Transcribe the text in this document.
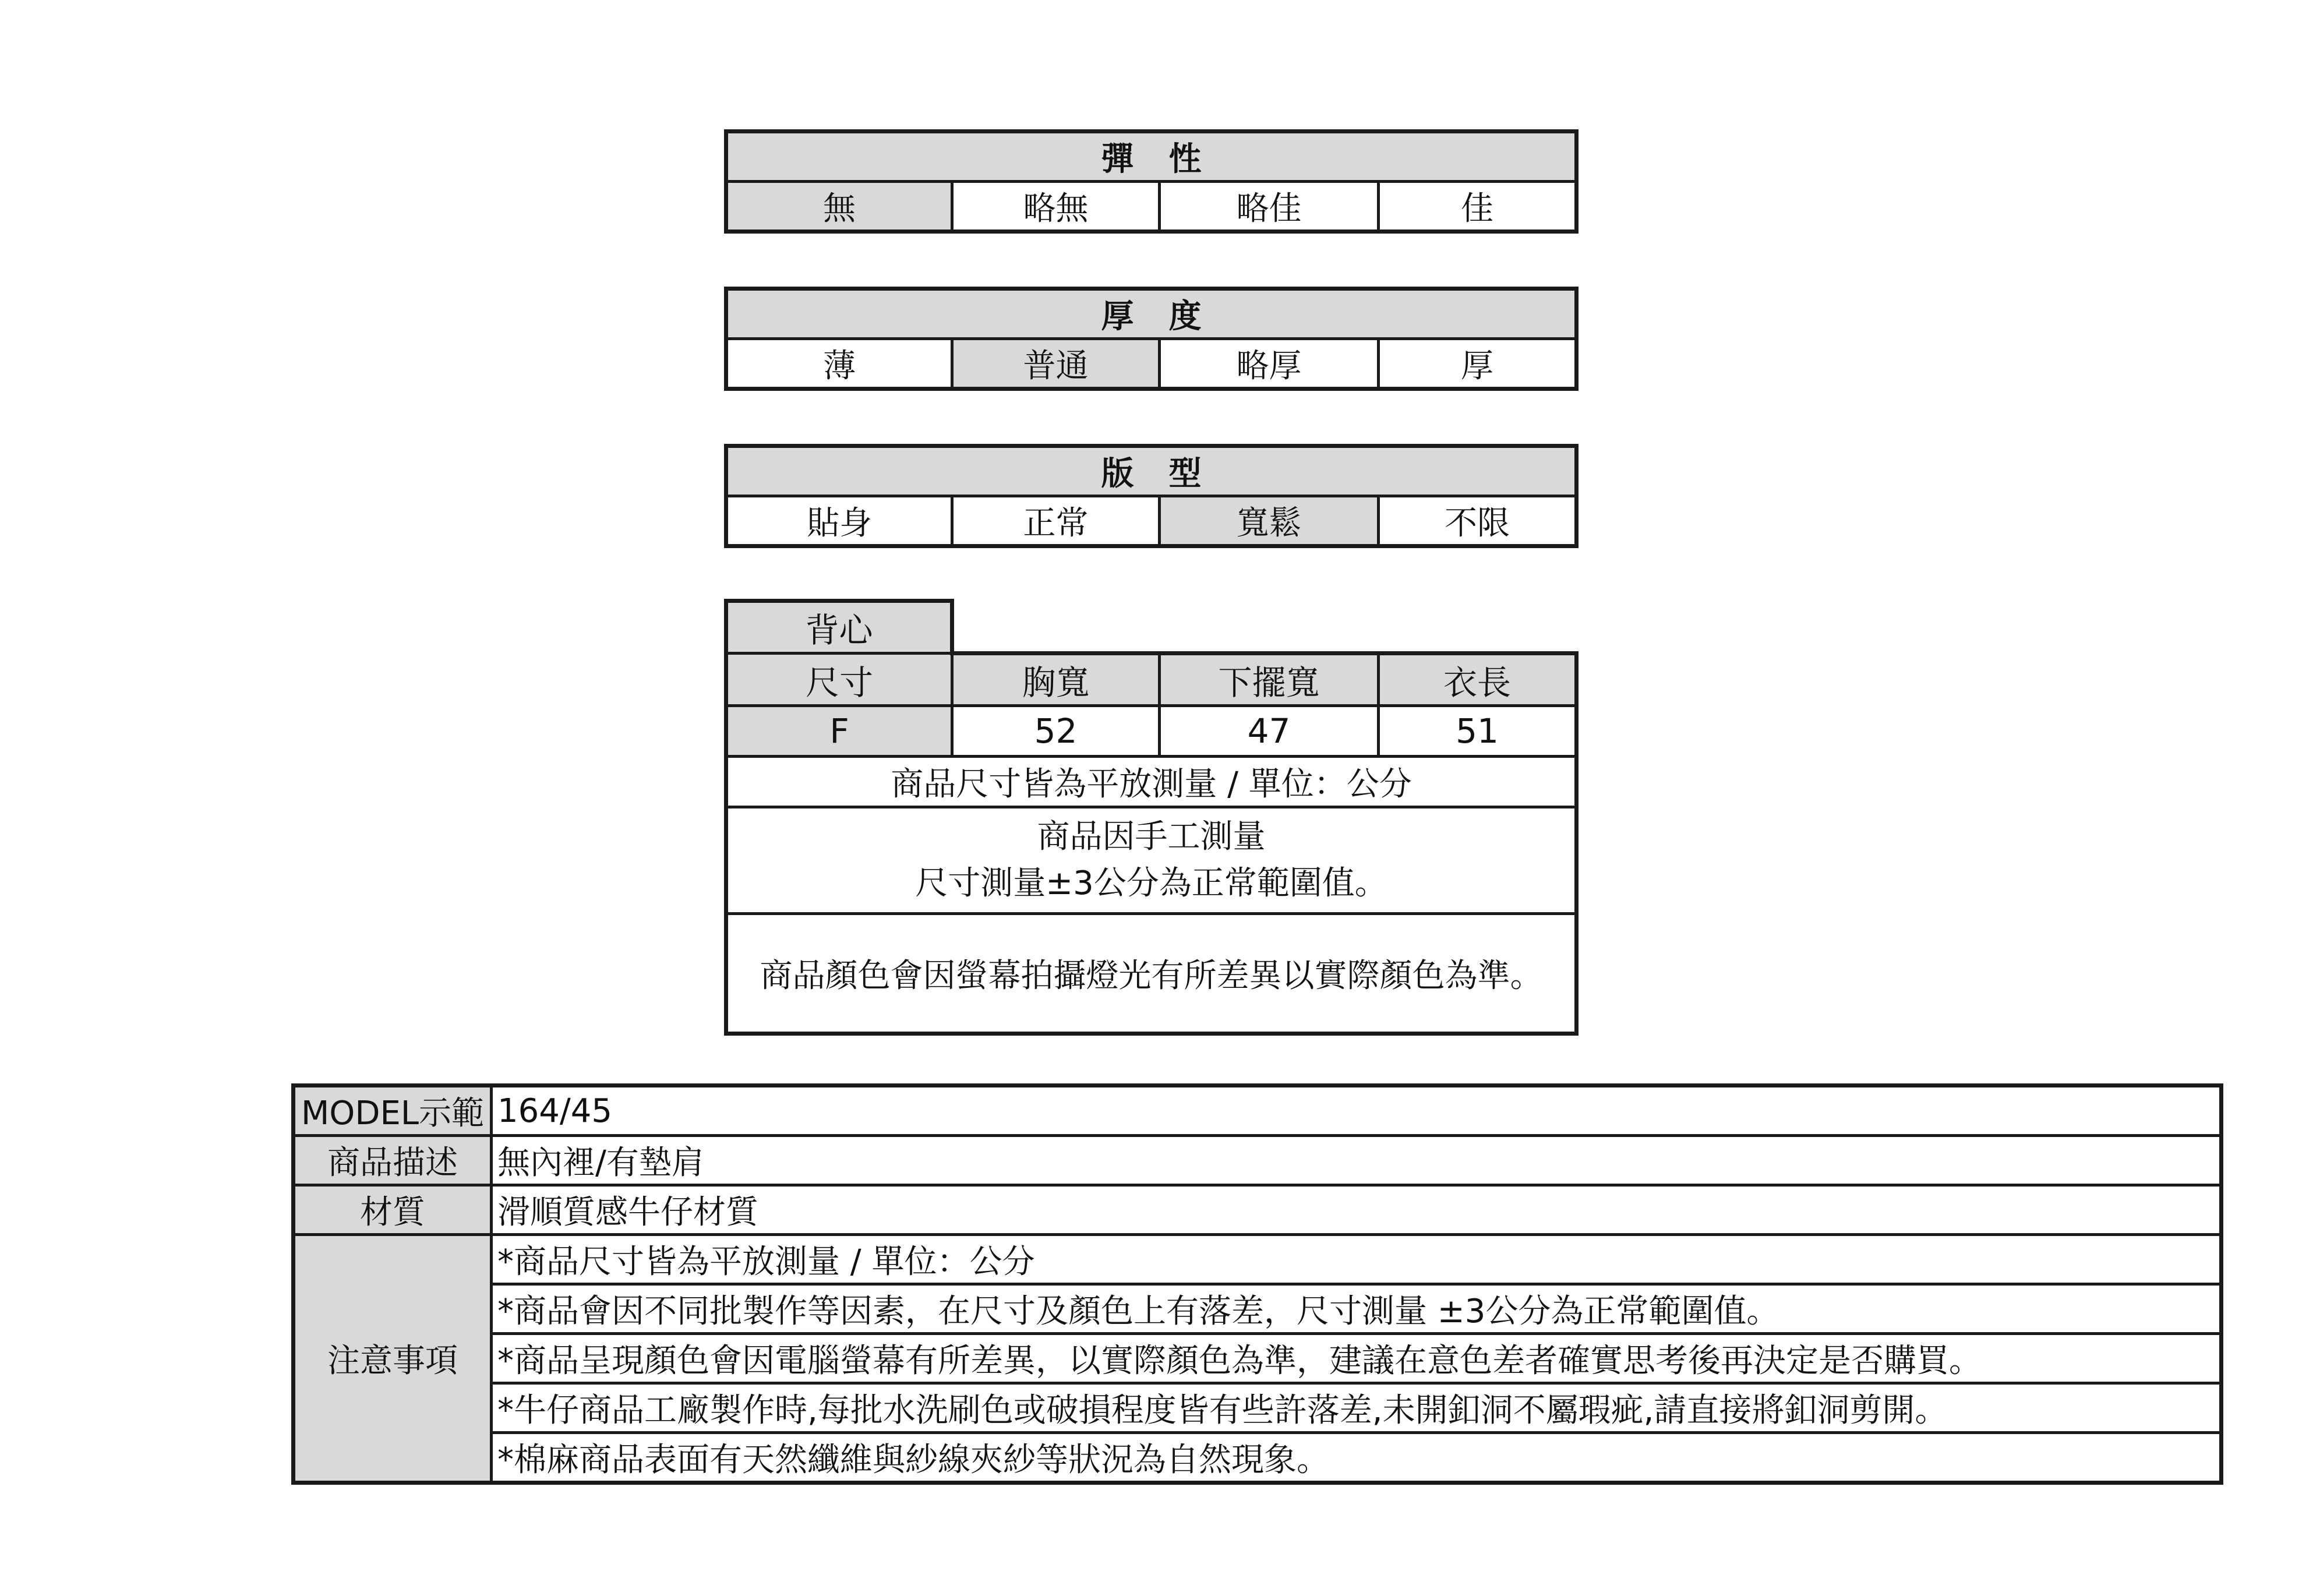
彈性
無	略無	略佳	佳
厚度
薄	普通	略厚	厚
版型
貼身	正常	寬鬆	不限
背心			
尺寸	胸寬	下擺寬	衣長
F	52	47	51
商品尺寸皆為平放測量 / 單位：公分			

商品因手工測量
尺寸測量±3公分為正常範圍值。			

商品顏色會因螢幕拍攝燈光有所差異以實際顏色為準。			
MODEL示範	164/45
商品描述	無內裡/有墊肩
材質	滑順質感牛仔材質
注意事項	*商品尺寸皆為平放測量 / 單位：公分
	*商品會因不同批製作等因素，在尺寸及顏色上有落差，尺寸測量 ±3公分為正常範圍值。
	*商品呈現顏色會因電腦螢幕有所差異，以實際顏色為準，建議在意色差者確實思考後再決定是否購買。
	*牛仔商品工廠製作時,每批水洗刷色或破損程度皆有些許落差,未開釦洞不屬瑕疵,請直接將釦洞剪開。
	*棉麻商品表面有天然纖維與紗線夾紗等狀況為自然現象。
